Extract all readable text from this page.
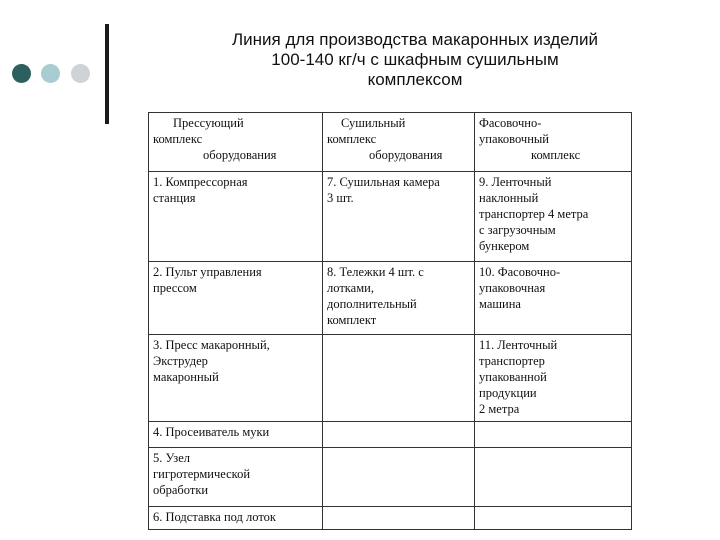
Линия для производства макаронных изделий
100-140 кг/ч с шкафным сушильным
комплексом
Прессующий
комплекс
оборудования	Сушильный
комплекс
оборудования	Фасовочно-
упаковочный
комплекс

1. Компрессорная
станция	7. Сушильная камера
3 шт.	9. Ленточный
наклонный
транспортер 4 метра
с загрузочным
бункером

2. Пульт управления
прессом	8. Тележки 4 шт. с
лотками,
дополнительный
комплект	10. Фасовочно-
упаковочная
машина

3. Пресс макаронный,
Экструдер
макаронный		11. Ленточный
транспортер
упакованной
продукции
2 метра

4. Просеиватель муки		

5. Узел
гигротермической
обработки		

6. Подставка под лоток		
